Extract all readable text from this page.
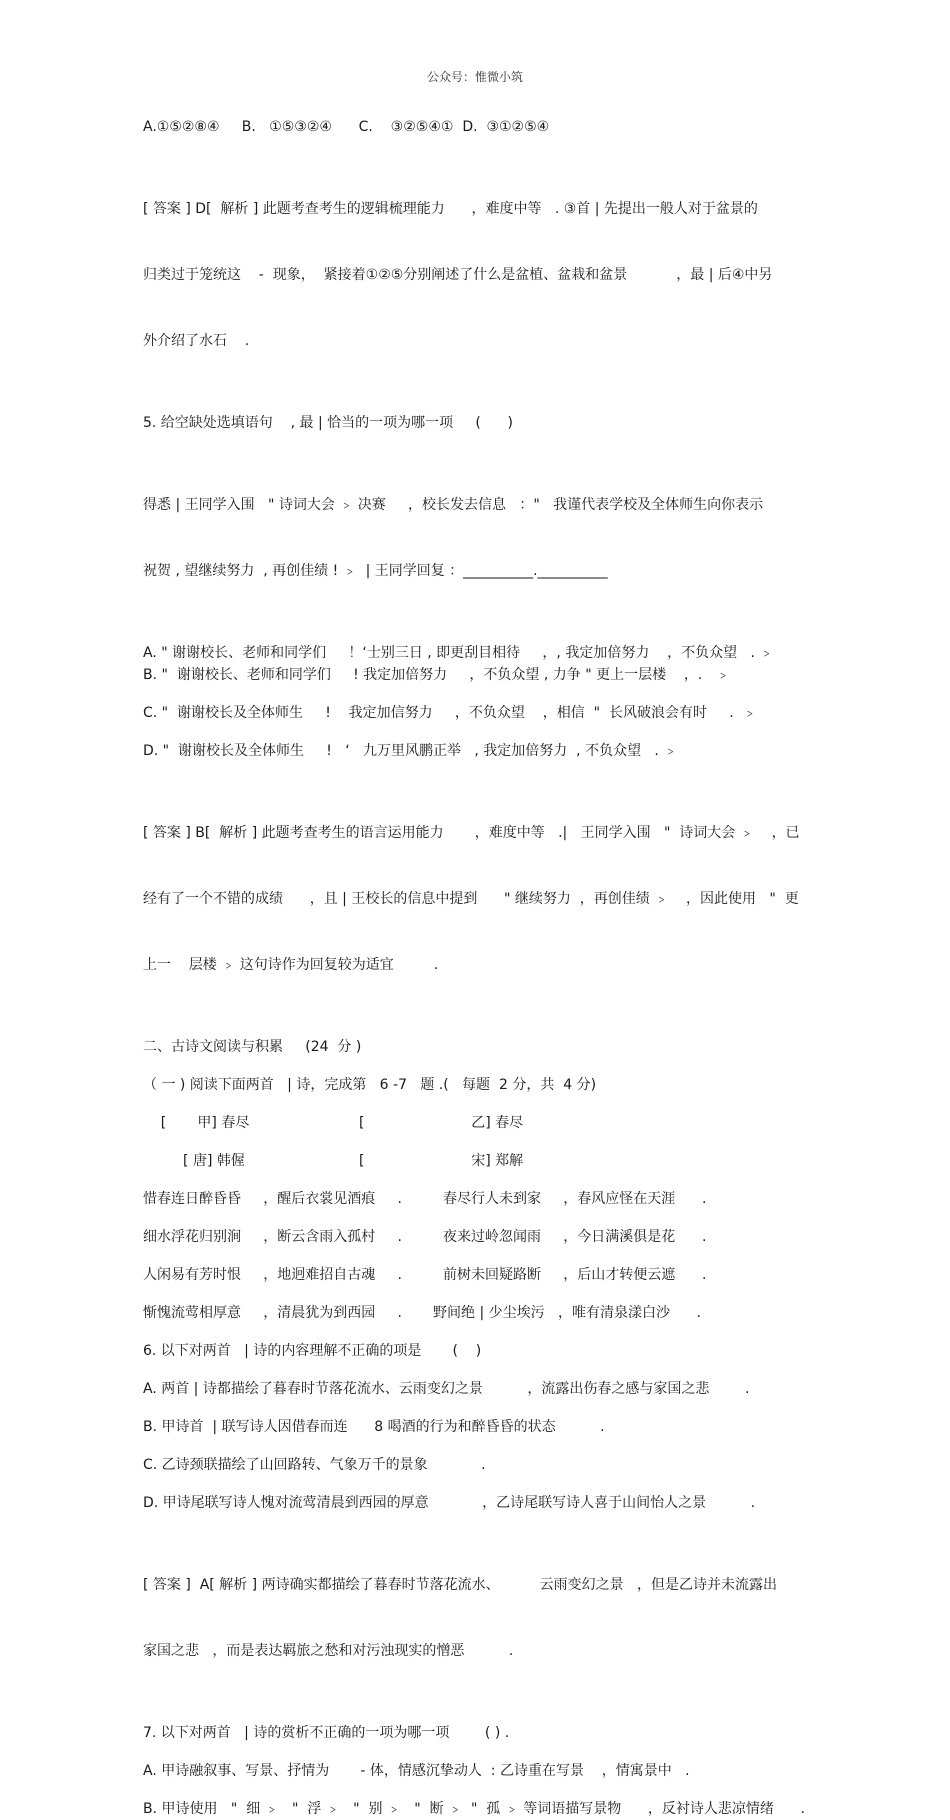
公众号：惟微小筑

A.①⑤②⑧④     B.   ①⑤③②④      C.    ③②⑤④①  D.  ③①②⑤④

[ 答案 ] D[  解析 ] 此题考查考生的逻辑梳理能力      ，难度中等   . ③首 | 先提出一般人对于盆景的

归类过于笼统这    -  现象，  紧接着①②⑤分别阐述了什么是盆植、盆栽和盆景           ，最 | 后④中另

外介绍了水石    .

5. 给空缺处选填语句    , 最 | 恰当的一项为哪一项     (      )

得悉 | 王同学入围   " 诗词大会 ﹥ 决赛     ，校长发去信息   ："   我谨代表学校及全体师生向你表示

祝贺 , 望继续努力  , 再创佳绩 ! ﹥  | 王同学回复 ：__________.__________

A. " 谢谢校长、老师和同学们     ！‘士别三日 , 即更刮目相待     ，, 我定加倍努力    ，不负众望   . ﹥

B. "  谢谢校长、老师和同学们     ! 我定加倍努力     ，不负众望 , 力争 " 更上一层楼    ，.   ﹥

C. "  谢谢校长及全体师生     !    我定加信努力     ，不负众望    ，相信  "  长风破浪会有时     .  ﹥

D. "  谢谢校长及全体师生     !   ‘   九万里风鹏正举   , 我定加倍努力  , 不负众望   . ﹥

[ 答案 ] B[  解析 ] 此题考查考生的语言运用能力       ，难度中等   .|   王同学入围   "  诗词大会 ﹥    ，已

经有了一个不错的成绩      ，且 | 王校长的信息中提到      " 继续努力  ，再创佳绩 ﹥    ，因此使用   "  更

上一    层楼 ﹥ 这句诗作为回复较为适宜         .

二、古诗文阅读与积累     (24  分 )

（ 一 ) 阅读下面两首   | 诗，完成第   6 -7   题 .(   每题  2 分，共  4 分)

[       甲] 春尽	[                        乙] 春尽
[ 唐] 韩偓	[                        宋] 郑解
惜春连日醉昏昏     ，醒后衣裳见酒痕     .	春尽行人未到家     ，春风应怪在天涯      .
细水浮花归别涧     ，断云含雨入孤村     .	夜来过岭忽闻雨     ，今日满溪俱是花      .
人闲易有芳时恨     ，地迥难招自古魂     .	前树未回疑路断     ，后山才转便云遮      .
惭愧流莺相厚意     ，清晨犹为到西园     .	野间绝 | 少尘埃污   ，唯有清泉漾白沙      .

6. 以下对两首   | 诗的内容理解不正确的项是       (    )

A. 两首 | 诗都描绘了暮春时节落花流水、云雨变幻之景          ，流露出伤春之感与家国之悲        .

B. 甲诗首  | 联写诗人因借春而连      8 喝酒的行为和醉昏昏的状态          .

C. 乙诗颈联描绘了山回路转、气象万千的景象            .

D. 甲诗尾联写诗人愧对流莺清晨到西园的厚意            ，乙诗尾联写诗人喜于山间怡人之景          .

[ 答案 ]  A[ 解析 ] 两诗确实都描绘了暮春时节落花流水、         云雨变幻之景   ，但是乙诗并未流露出

家国之悲   ，而是表达羁旅之愁和对污浊现实的憎恶          .

7. 以下对两首   | 诗的赏析不正确的一项为哪一项        ( ) .

A. 甲诗融叙事、写景、抒情为       - 体，情感沉挚动人  : 乙诗重在写景    ，情寓景中   .

B. 甲诗使用   "  细 ﹥   "  浮 ﹥   "  别 ﹥   "  断 ﹥  "  孤 ﹥ 等词语描写景物      ，反衬诗人悲凉情绪      .
